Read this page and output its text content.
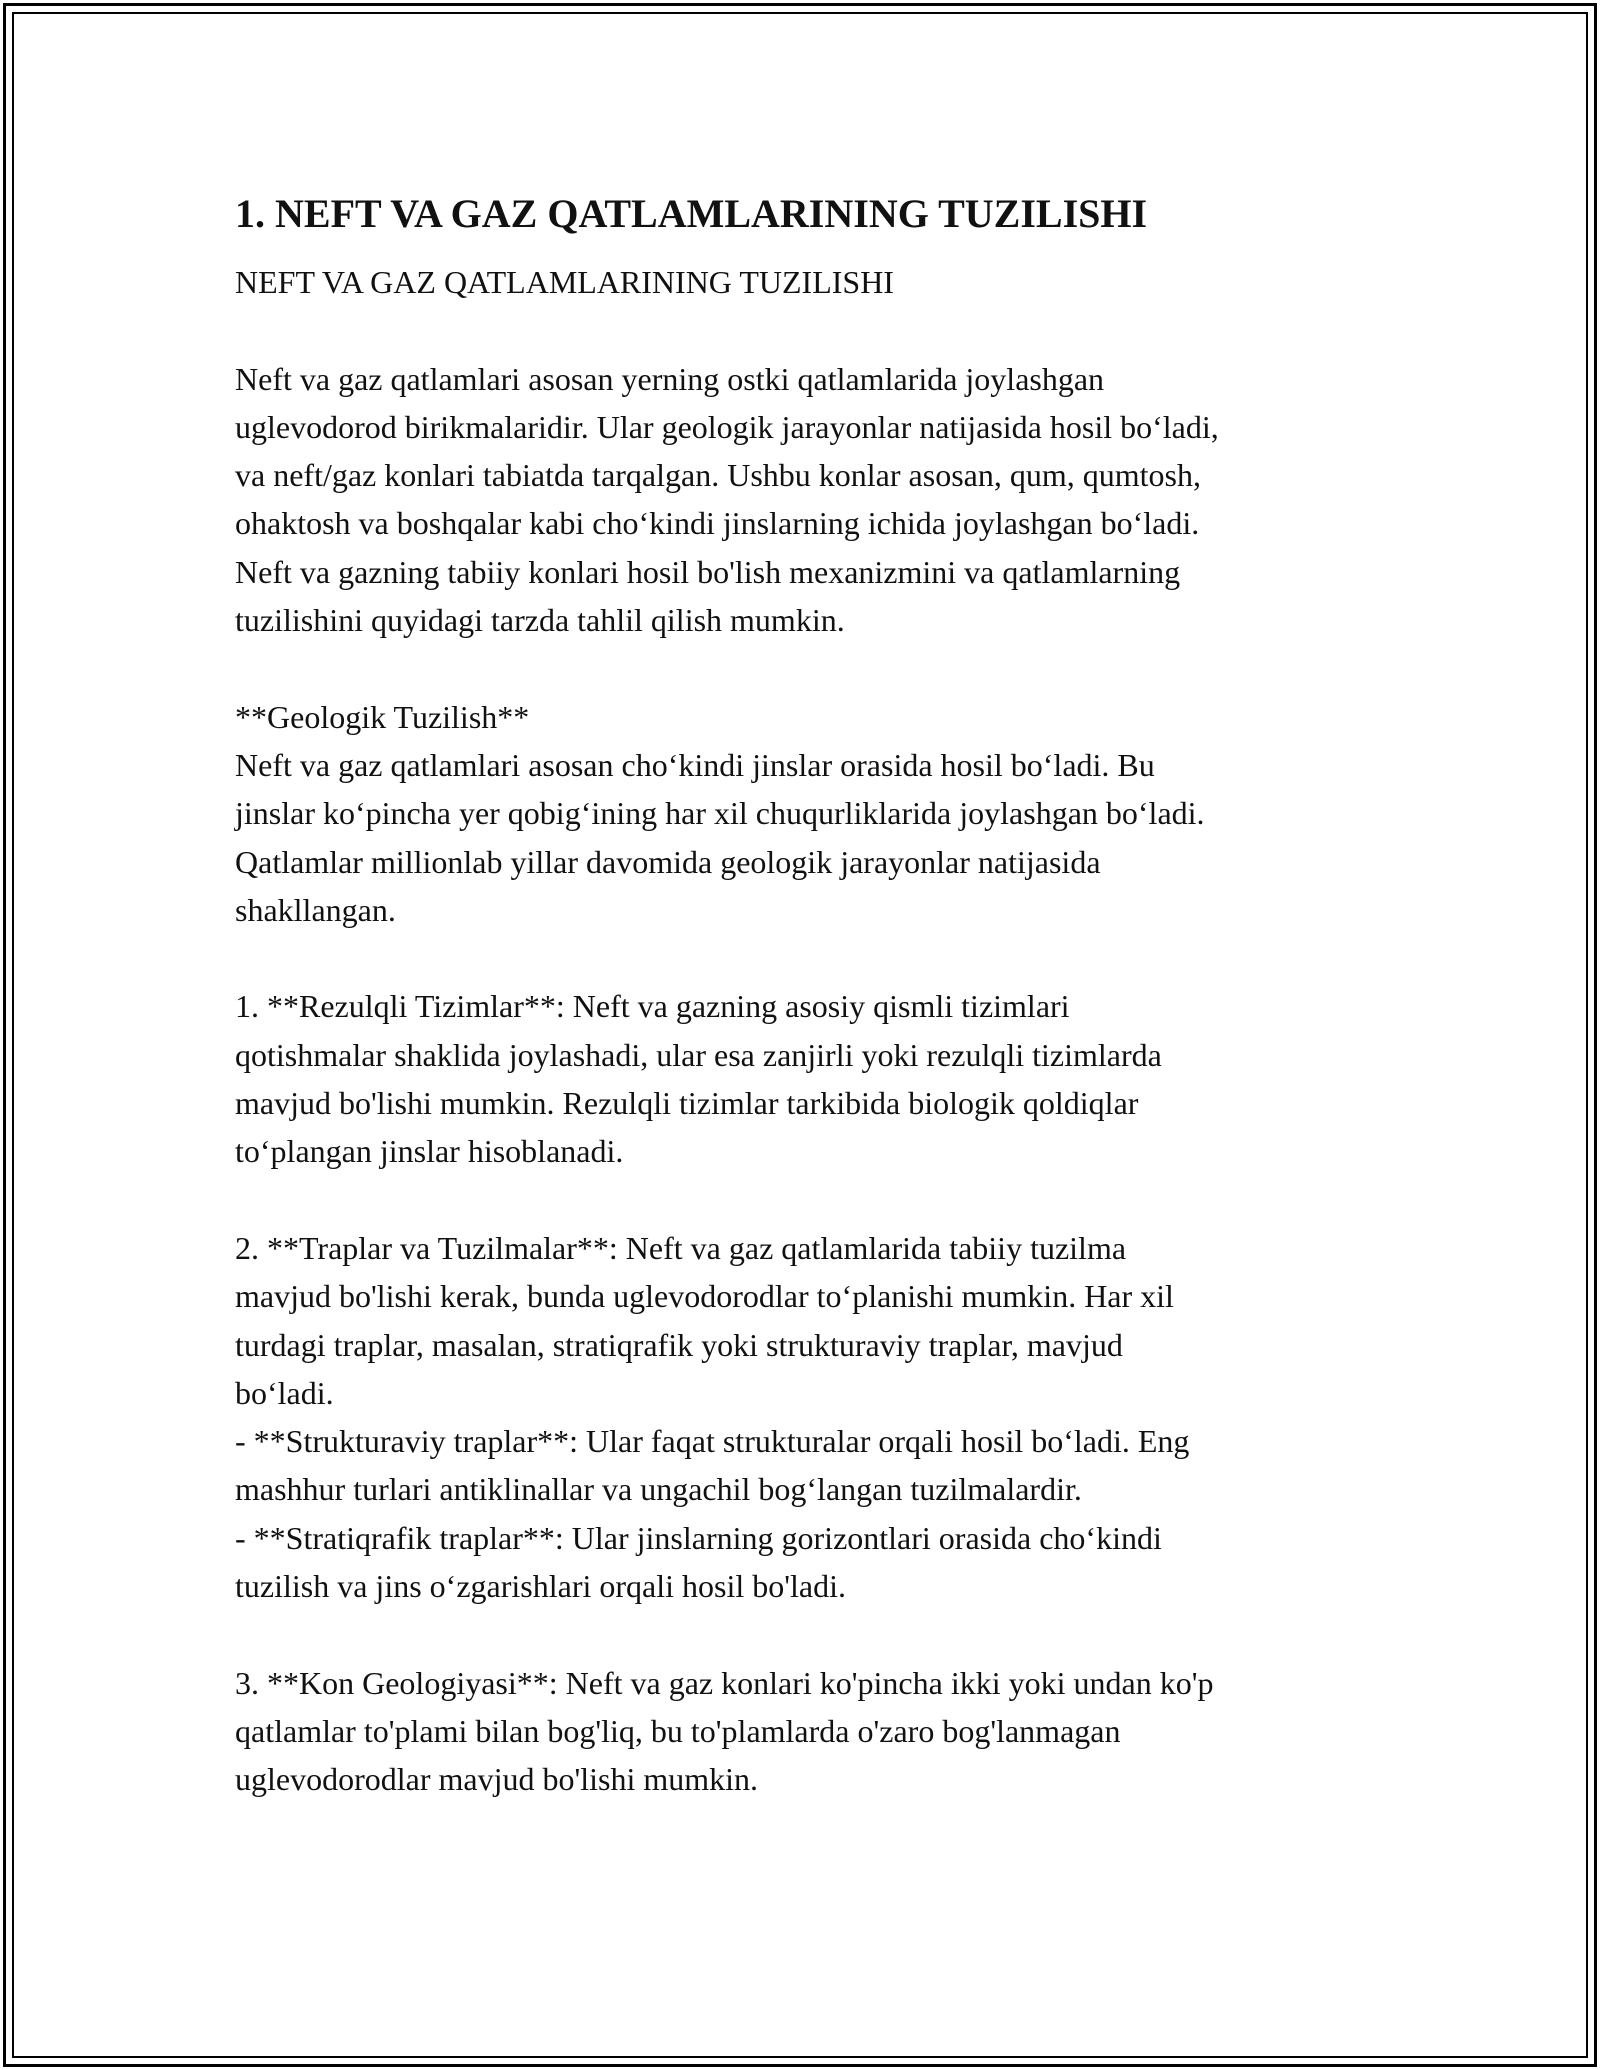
1. NEFT VA GAZ QATLAMLARINING TUZILISHI

NEFT VA GAZ QATLAMLARINING TUZILISHI

Neft va gaz qatlamlari asosan yerning ostki qatlamlarida joylashgan
uglevodorod birikmalaridir. Ular geologik jarayonlar natijasida hosil bo‘ladi,
va neft/gaz konlari tabiatda tarqalgan. Ushbu konlar asosan, qum, qumtosh,
ohaktosh va boshqalar kabi cho‘kindi jinslarning ichida joylashgan bo‘ladi.
Neft va gazning tabiiy konlari hosil bo'lish mexanizmini va qatlamlarning
tuzilishini quyidagi tarzda tahlil qilish mumkin.

**Geologik Tuzilish**
Neft va gaz qatlamlari asosan cho‘kindi jinslar orasida hosil bo‘ladi. Bu
jinslar ko‘pincha yer qobig‘ining har xil chuqurliklarida joylashgan bo‘ladi.
Qatlamlar millionlab yillar davomida geologik jarayonlar natijasida
shakllangan.

1. **Rezulqli Tizimlar**: Neft va gazning asosiy qismli tizimlari
qotishmalar shaklida joylashadi, ular esa zanjirli yoki rezulqli tizimlarda
mavjud bo'lishi mumkin. Rezulqli tizimlar tarkibida biologik qoldiqlar
to‘plangan jinslar hisoblanadi.

2. **Traplar va Tuzilmalar**: Neft va gaz qatlamlarida tabiiy tuzilma
mavjud bo'lishi kerak, bunda uglevodorodlar to‘planishi mumkin. Har xil
turdagi traplar, masalan, stratiqrafik yoki strukturaviy traplar, mavjud
bo‘ladi.
- **Strukturaviy traplar**: Ular faqat strukturalar orqali hosil bo‘ladi. Eng
mashhur turlari antiklinallar va ungachil bog‘langan tuzilmalardir.
- **Stratiqrafik traplar**: Ular jinslarning gorizontlari orasida cho‘kindi
tuzilish va jins o‘zgarishlari orqali hosil bo'ladi.

3. **Kon Geologiyasi**: Neft va gaz konlari ko'pincha ikki yoki undan ko'p
qatlamlar to'plami bilan bog'liq, bu to'plamlarda o'zaro bog'lanmagan
uglevodorodlar mavjud bo'lishi mumkin.
